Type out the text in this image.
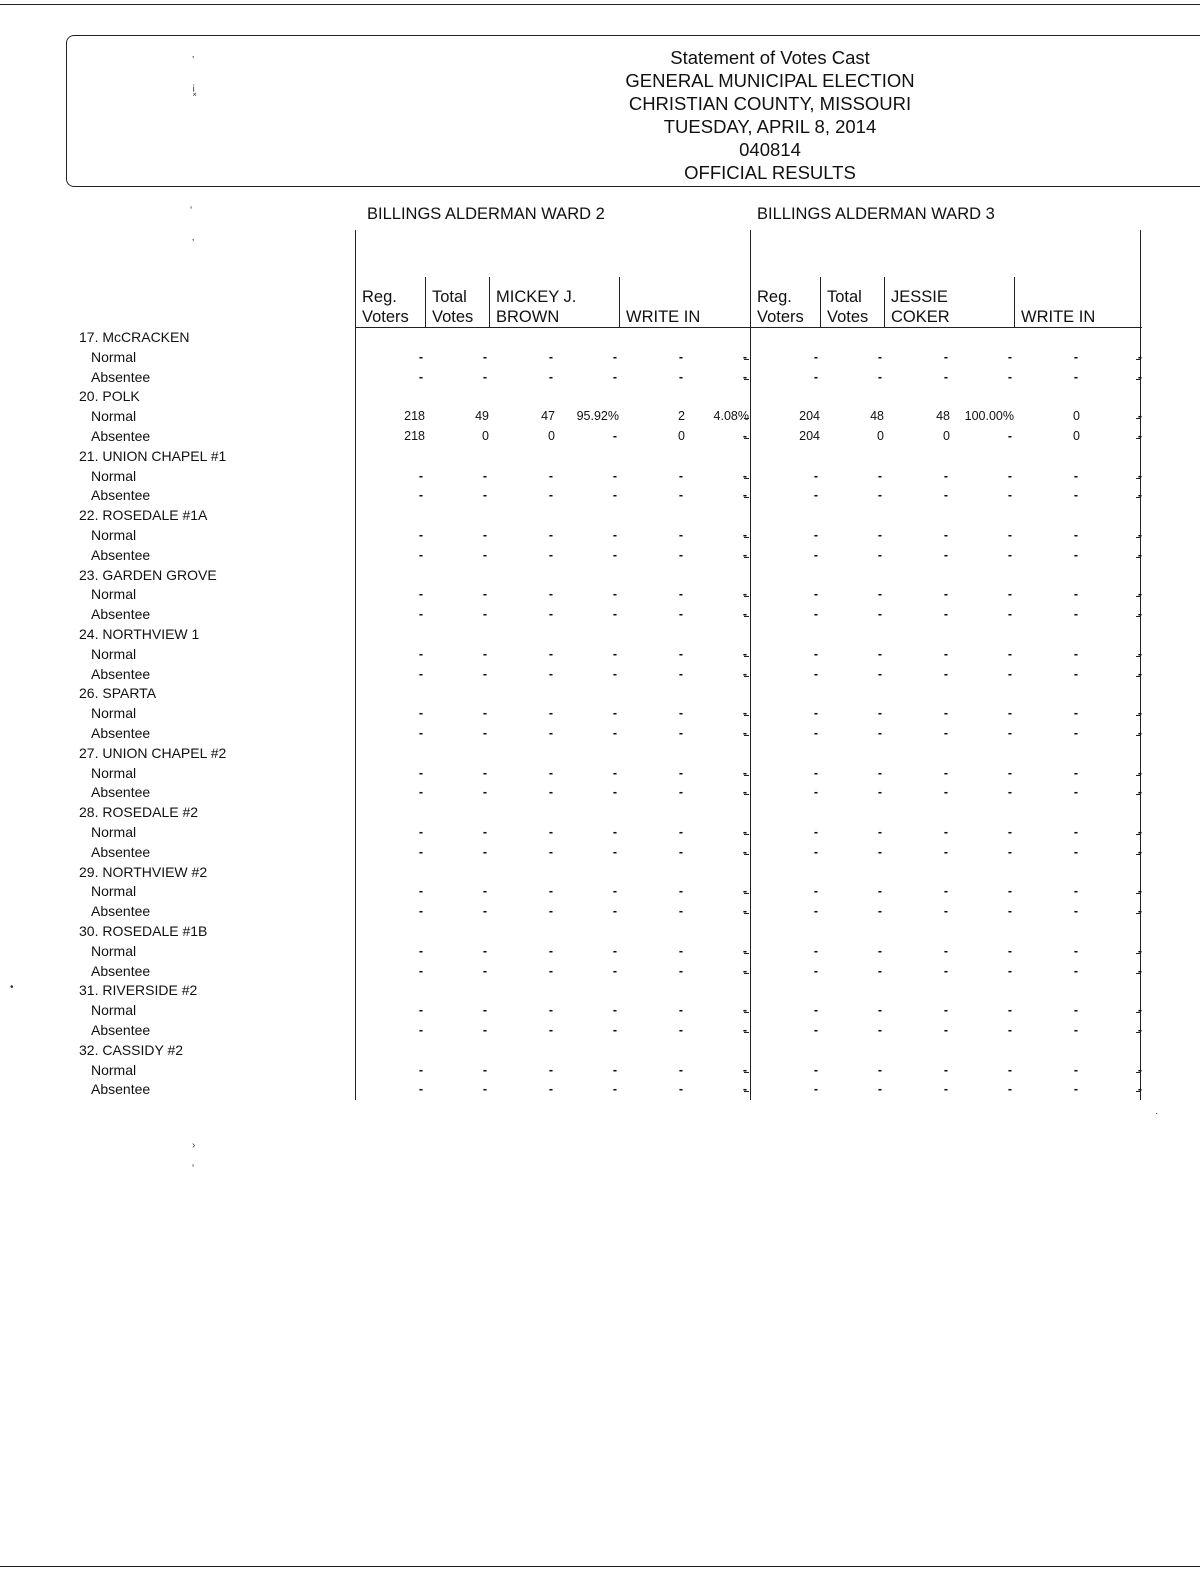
Statement of Votes Cast
GENERAL MUNICIPAL ELECTION
CHRISTIAN COUNTY, MISSOURI
TUESDAY, APRIL 8, 2014
040814
OFFICIAL RESULTS
BILLINGS ALDERMAN WARD 2	BILLINGS ALDERMAN WARD 3
Reg.
Voters
Total
Votes
MICKEY J.
BROWN	WRITE IN
Reg.
Voters
Total
Votes
JESSIE
COKER	WRITE IN
17. McCRACKEN
Normal	-	-	-	-	-	-	-	-	-	-	-	-
Absentee	-	-	-	-	-	-	-	-	-	-	-	-
20. POLK
Normal	218	49	47	95.92%	2	4.08%	204	48	48	100.00%	0	-
Absentee	218	0	0	-	0	-	204	0	0	-	0	-
21. UNION CHAPEL #1
Normal	-	-	-	-	-	-	-	-	-	-	-	-
Absentee	-	-	-	-	-	-	-	-	-	-	-	-
22. ROSEDALE #1A
Normal	-	-	-	-	-	-	-	-	-	-	-	-
Absentee	-	-	-	-	-	-	-	-	-	-	-	-
23. GARDEN GROVE
Normal	-	-	-	-	-	-	-	-	-	-	-	-
Absentee	-	-	-	-	-	-	-	-	-	-	-	-
24. NORTHVIEW 1
Normal	-	-	-	-	-	-	-	-	-	-	-	-
Absentee	-	-	-	-	-	-	-	-	-	-	-	-
26. SPARTA
Normal	-	-	-	-	-	-	-	-	-	-	-	-
Absentee	-	-	-	-	-	-	-	-	-	-	-	-
27. UNION CHAPEL #2
Normal	-	-	-	-	-	-	-	-	-	-	-	-
Absentee	-	-	-	-	-	-	-	-	-	-	-	-
28. ROSEDALE #2
Normal	-	-	-	-	-	-	-	-	-	-	-	-
Absentee	-	-	-	-	-	-	-	-	-	-	-	-
29. NORTHVIEW #2
Normal	-	-	-	-	-	-	-	-	-	-	-	-
Absentee	-	-	-	-	-	-	-	-	-	-	-	-
30. ROSEDALE #1B
Normal	-	-	-	-	-	-	-	-	-	-	-	-
Absentee	-	-	-	-	-	-	-	-	-	-	-	-
31. RIVERSIDE #2
Normal	-	-	-	-	-	-	-	-	-	-	-	-
Absentee	-	-	-	-	-	-	-	-	-	-	-	-
32. CASSIDY #2
Normal	-	-	-	-	-	-	-	-	-	-	-	-
Absentee	-	-	-	-	-	-	-	-	-	-	-	-
’
¡
˟
‘
’
•
·
›
‘
